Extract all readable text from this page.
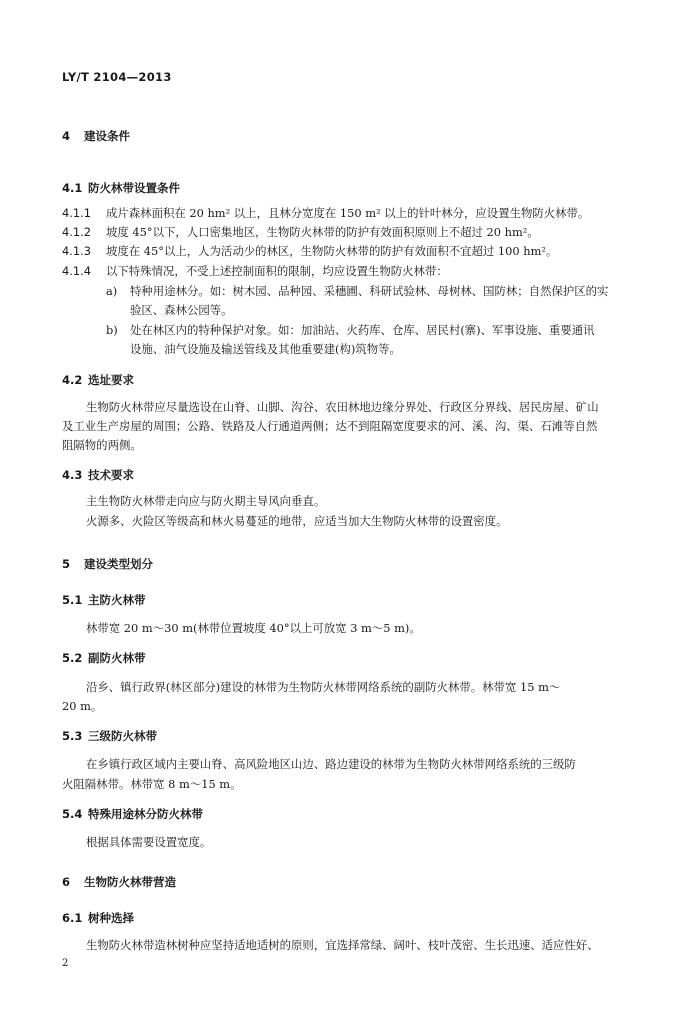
LY/T 2104—2013
4 建设条件
4.1 防火林带设置条件
4.1.1 成片森林面积在 20 hm² 以上，且林分宽度在 150 m² 以上的针叶林分，应设置生物防火林带。
4.1.2 坡度 45°以下，人口密集地区，生物防火林带的防护有效面积原则上不超过 20 hm²。
4.1.3 坡度在 45°以上，人为活动少的林区，生物防火林带的防护有效面积不宜超过 100 hm²。
4.1.4 以下特殊情况，不受上述控制面积的限制，均应设置生物防火林带：
a) 特种用途林分。如：树木园、品种园、采穗圃、科研试验林、母树林、国防林；自然保护区的实
验区、森林公园等。
b) 处在林区内的特种保护对象。如：加油站、火药库、仓库、居民村(寨)、军事设施、重要通讯
设施、油气设施及输送管线及其他重要建(构)筑物等。
4.2 选址要求
生物防火林带应尽量选设在山脊、山脚、沟谷、农田林地边缘分界处、行政区分界线、居民房屋、矿山
及工业生产房屋的周围；公路、铁路及人行通道两侧；达不到阻隔宽度要求的河、溪、沟、渠、石滩等自然
阻隔物的两侧。
4.3 技术要求
主生物防火林带走向应与防火期主导风向垂直。
火源多、火险区等级高和林火易蔓延的地带，应适当加大生物防火林带的设置密度。
5 建设类型划分
5.1 主防火林带
林带宽 20 m～30 m(林带位置坡度 40°以上可放宽 3 m～5 m)。
5.2 副防火林带
沿乡、镇行政界(林区部分)建设的林带为生物防火林带网络系统的副防火林带。林带宽 15 m～
20 m。
5.3 三级防火林带
在乡镇行政区域内主要山脊、高风险地区山边、路边建设的林带为生物防火林带网络系统的三级防
火阻隔林带。林带宽 8 m～15 m。
5.4 特殊用途林分防火林带
根据具体需要设置宽度。
6 生物防火林带营造
6.1 树种选择
生物防火林带造林树种应坚持适地适树的原则，宜选择常绿、阔叶、枝叶茂密、生长迅速、适应性好、
2
